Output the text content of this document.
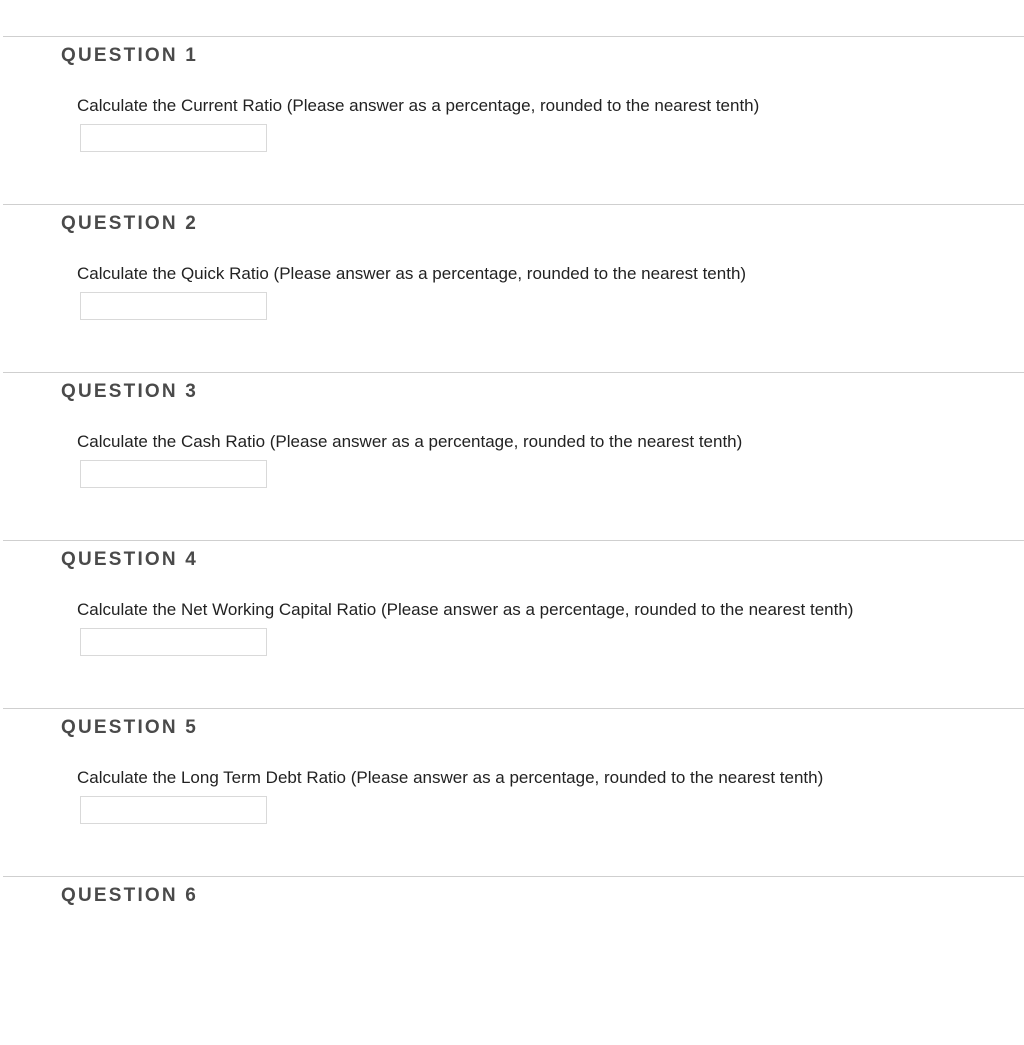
QUESTION 1

Calculate the Current Ratio (Please answer as a percentage, rounded to the nearest tenth)

QUESTION 2

Calculate the Quick Ratio (Please answer as a percentage, rounded to the nearest tenth)

QUESTION 3

Calculate the Cash Ratio (Please answer as a percentage, rounded to the nearest tenth)

QUESTION 4

Calculate the Net Working Capital Ratio (Please answer as a percentage, rounded to the nearest tenth)

QUESTION 5

Calculate the Long Term Debt Ratio (Please answer as a percentage, rounded to the nearest tenth)

QUESTION 6
